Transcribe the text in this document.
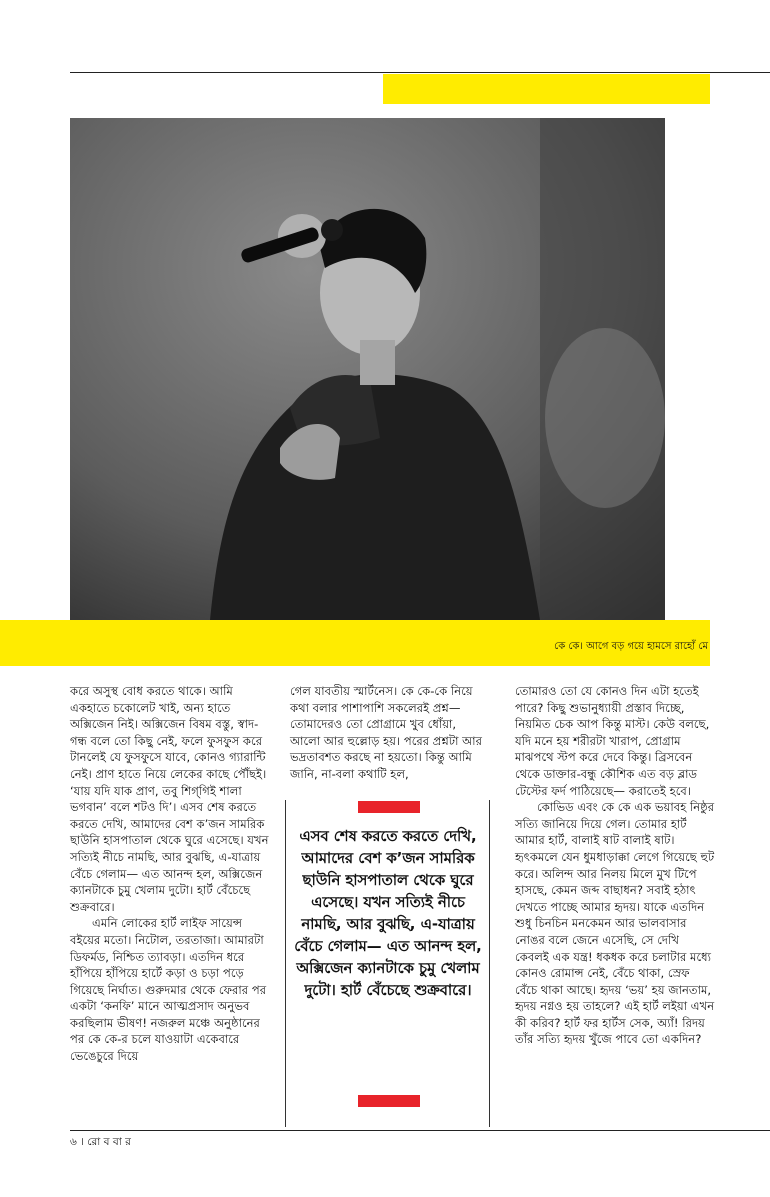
কে কে। আগে বড় গয়ে হামসে রাহোঁ মে

করে অসুস্থ বোধ করতে থাকে। আমি একহাতে চকোলেট খাই, অন্য হাতে অক্সিজেন নিই। অক্সিজেন বিষম বস্তু, স্বাদ-গন্ধ বলে তো কিছু নেই, ফলে ফুসফুস করে টানলেই যে ফুসফুসে যাবে, কোনও গ্যারান্টি নেই। প্রাণ হাতে নিয়ে লেকের কাছে পৌঁছই। ‘যায় যদি যাক প্রাণ, তবু শিগ্‌গিই শালা ভগবান’ বলে শটও দি’। এসব শেষ করতে করতে দেখি, আমাদের বেশ ক’জন সামরিক ছাউনি হাসপাতাল থেকে ঘুরে এসেছে। যখন সত্যিই নীচে নামছি, আর বুঝছি, এ-যাত্রায় বেঁচে গেলাম— এত আনন্দ হল, অক্সিজেন ক্যানটাকে চুমু খেলাম দুটো। হার্ট বেঁচেছে শুক্রবারে।

এমনি লোকের হার্ট লাইফ সায়েন্স বইয়ের মতো। নিটোল, তরতাজা। আমারটা ডিফর্মড, নিশ্চিত ত্যাবড়া। এতদিন ধরে হাঁপিয়ে হাঁপিয়ে হার্টে কড়া ও চড়া পড়ে গিয়েছে নির্ঘাত। গুরুদমার থেকে ফেরার পর একটা ‘কনফি’ মানে আত্মপ্রসাদ অনুভব করছিলাম ভীষণ! নজরুল মঞ্চে অনুষ্ঠানের পর কে কে-র চলে যাওয়াটা একেবারে ভেঙেচুরে দিয়ে

গেল যাবতীয় স্মার্টনেস। কে কে-কে নিয়ে কথা বলার পাশাপাশি সকলেরই প্রশ্ন— তোমাদেরও তো প্রোগ্রামে খুব ধোঁয়া, আলো আর হুল্লোড় হয়। পরের প্রশ্নটা আর ভদ্রতাবশত করছে না হয়তো। কিন্তু আমি জানি, না-বলা কথাটি হল,

এসব শেষ করতে করতে দেখি, আমাদের বেশ ক’জন সামরিক ছাউনি হাসপাতাল থেকে ঘুরে এসেছে। যখন সত্যিই নীচে নামছি, আর বুঝছি, এ-যাত্রায় বেঁচে গেলাম— এত আনন্দ হল, অক্সিজেন ক্যানটাকে চুমু খেলাম দুটো। হার্ট বেঁচেছে শুক্রবারে।

তোমারও তো যে কোনও দিন এটা হতেই পারে? কিছু শুভানুধ্যায়ী প্রস্তাব দিচ্ছে, নিয়মিত চেক আপ কিন্তু মাস্ট। কেউ বলছে, যদি মনে হয় শরীরটা খারাপ, প্রোগ্রাম মাঝপথে স্টপ করে দেবে কিন্তু। ব্রিসবেন থেকে ডাক্তার-বন্ধু কৌশিক এত বড় ব্লাড টেস্টের ফর্দ পাঠিয়েছে— করাতেই হবে।

কোভিড এবং কে কে এক ভয়াবহ নিষ্ঠুর সত্যি জানিয়ে দিয়ে গেল। তোমার হার্ট আমার হার্ট, বালাই ষাট বালাই ষাট। হৃৎকমলে যেন ধুমধাড়াক্কা লেগে গিয়েছে হুট করে। অলিন্দ আর নিলয় মিলে মুখ টিপে হাসছে, কেমন জব্দ বাছাধন? সবাই হঠাৎ দেখতে পাচ্ছে আমার হৃদয়। যাকে এতদিন শুধু চিনচিন মনকেমন আর ভালবাসার নোঙর বলে জেনে এসেছি, সে দেখি কেবলই এক যন্ত্র! ধকধক করে চলাটার মধ্যে কোনও রোমান্স নেই, বেঁচে থাকা, স্রেফ বেঁচে থাকা আছে। হৃদয় ‘ভয়’ হয় জানতাম, হৃদয় নগ্নও হয় তাহলে? এই হার্ট লইয়া এখন কী করিব? হার্ট ফর হার্টস সেক, অ্যাঁ! রিদয় তাঁর সত্যি হৃদয় খুঁজে পাবে তো একদিন?

৬ । রো ব বা র
